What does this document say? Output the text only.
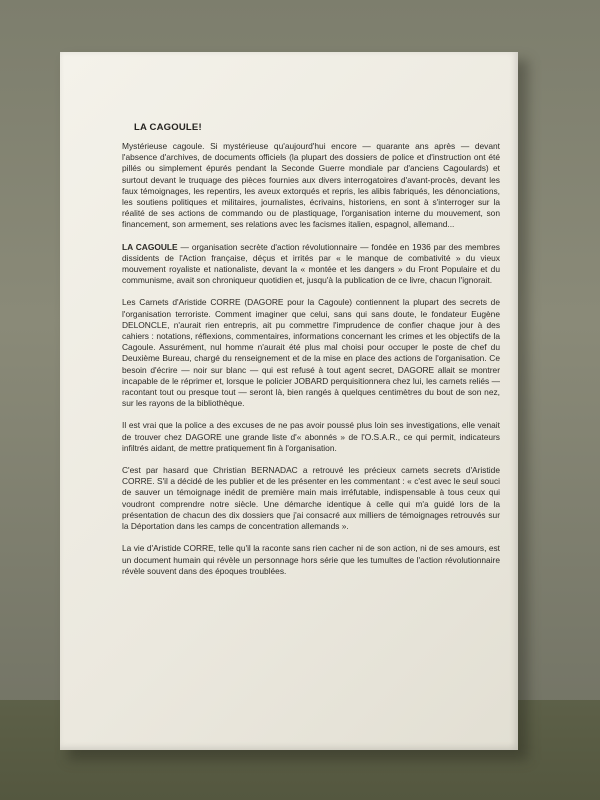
LA CAGOULE!

Mystérieuse cagoule. Si mystérieuse qu'aujourd'hui encore — quarante ans après — devant l'absence d'archives, de documents officiels (la plupart des dossiers de police et d'instruction ont été pillés ou simplement épurés pendant la Seconde Guerre mondiale par d'anciens Cagoulards) et surtout devant le truquage des pièces fournies aux divers interrogatoires d'avant-procès, devant les faux témoignages, les repentirs, les aveux extorqués et repris, les alibis fabriqués, les dénonciations, les soutiens politiques et militaires, journalistes, écrivains, historiens, en sont à s'interroger sur la réalité de ses actions de commando ou de plastiquage, l'organisation interne du mouvement, son financement, son armement, ses relations avec les facismes italien, espagnol, allemand...

LA CAGOULE — organisation secrète d'action révolutionnaire — fondée en 1936 par des membres dissidents de l'Action française, déçus et irrités par « le manque de combativité » du vieux mouvement royaliste et nationaliste, devant la « montée et les dangers » du Front Populaire et du communisme, avait son chroniqueur quotidien et, jusqu'à la publication de ce livre, chacun l'ignorait.

Les Carnets d'Aristide CORRE (DAGORE pour la Cagoule) contiennent la plupart des secrets de l'organisation terroriste. Comment imaginer que celui, sans qui sans doute, le fondateur Eugène DELONCLE, n'aurait rien entrepris, ait pu commettre l'imprudence de confier chaque jour à des cahiers : notations, réflexions, commentaires, informations concernant les crimes et les objectifs de la Cagoule. Assurément, nul homme n'aurait été plus mal choisi pour occuper le poste de chef du Deuxième Bureau, chargé du renseignement et de la mise en place des actions de l'organisation. Ce besoin d'écrire — noir sur blanc — qui est refusé à tout agent secret, DAGORE allait se montrer incapable de le réprimer et, lorsque le policier JOBARD perquisitionnera chez lui, les carnets reliés — racontant tout ou presque tout — seront là, bien rangés à quelques centimètres du bout de son nez, sur les rayons de la bibliothèque.

Il est vrai que la police a des excuses de ne pas avoir poussé plus loin ses investigations, elle venait de trouver chez DAGORE une grande liste d'« abonnés » de l'O.S.A.R., ce qui permit, indicateurs infiltrés aidant, de mettre pratiquement fin à l'organisation.

C'est par hasard que Christian BERNADAC a retrouvé les précieux carnets secrets d'Aristide CORRE. S'il a décidé de les publier et de les présenter en les commentant : « c'est avec le seul souci de sauver un témoignage inédit de première main mais irréfutable, indispensable à tous ceux qui voudront comprendre notre siècle. Une démarche identique à celle qui m'a guidé lors de la présentation de chacun des dix dossiers que j'ai consacré aux milliers de témoignages retrouvés sur la Déportation dans les camps de concentration allemands ».

La vie d'Aristide CORRE, telle qu'il la raconte sans rien cacher ni de son action, ni de ses amours, est un document humain qui révèle un personnage hors série que les tumultes de l'action révolutionnaire révèle souvent dans des époques troublées.
